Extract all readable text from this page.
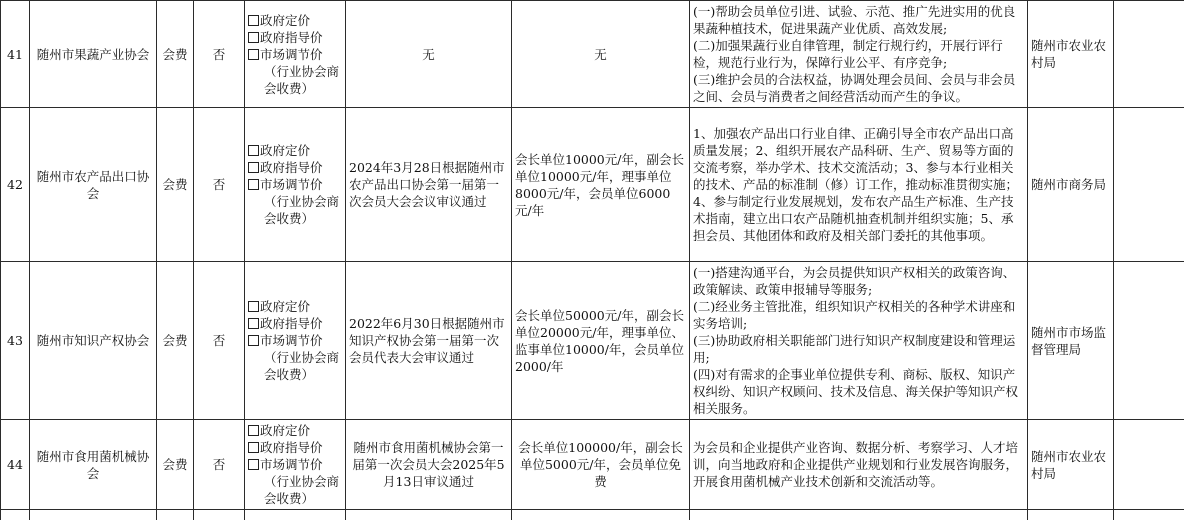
41	随州市果蔬产业协会	会费	否	政府定价
政府指导价
市场调节价
（行业协会商会收费）	无	无	(一)帮助会员单位引进、试验、示范、推广先进实用的优良果蔬种植技术，促进果蔬产业优质、高效发展;
(二)加强果蔬行业自律管理，制定行规行约，开展行评行检，规范行业行为，保障行业公平、有序竞争;
(三)维护会员的合法权益，协调处理会员间、会员与非会员之间、会员与消费者之间经营活动而产生的争议。	随州市农业农村局	
42	随州市农产品出口协会	会费	否	政府定价
政府指导价
市场调节价
（行业协会商会收费）	2024年3月28日根据随州市农产品出口协会第一届第一次会员大会会议审议通过	会长单位10000元/年，副会长单位10000元/年，理事单位8000元/年，会员单位6000元/年	1、加强农产品出口行业自律、正确引导全市农产品出口高质量发展；2、组织开展农产品科研、生产、贸易等方面的交流考察，举办学术、技术交流活动；3、参与本行业相关的技术、产品的标准制（修）订工作，推动标准贯彻实施；4、参与制定行业发展规划，发布农产品生产标准、生产技术指南，建立出口农产品随机抽查机制并组织实施；5、承担会员、其他团体和政府及相关部门委托的其他事项。	随州市商务局	
43	随州市知识产权协会	会费	否	政府定价
政府指导价
市场调节价
（行业协会商会收费）	2022年6月30日根据随州市知识产权协会第一届第一次会员代表大会审议通过	会长单位50000元/年，副会长单位20000元/年，理事单位、监事单位10000/年，会员单位2000/年	(一)搭建沟通平台，为会员提供知识产权相关的政策咨询、政策解读、政策申报辅导等服务;
(二)经业务主管批准，组织知识产权相关的各种学术讲座和实务培训;
(三)协助政府相关职能部门进行知识产权制度建设和管理运用;
(四)对有需求的企事业单位提供专利、商标、版权、知识产权纠纷、知识产权顾问、技术及信息、海关保护等知识产权相关服务。	随州市市场监督管理局	
44	随州市食用菌机械协会	会费	否	政府定价
政府指导价
市场调节价
（行业协会商会收费）	随州市食用菌机械协会第一届第一次会员大会2025年5月13日审议通过	会长单位100000/年，副会长单位5000元/年，会员单位免费	为会员和企业提供产业咨询、数据分析、考察学习、人才培训，向当地政府和企业提供产业规划和行业发展咨询服务，开展食用菌机械产业技术创新和交流活动等。	随州市农业农村局	
